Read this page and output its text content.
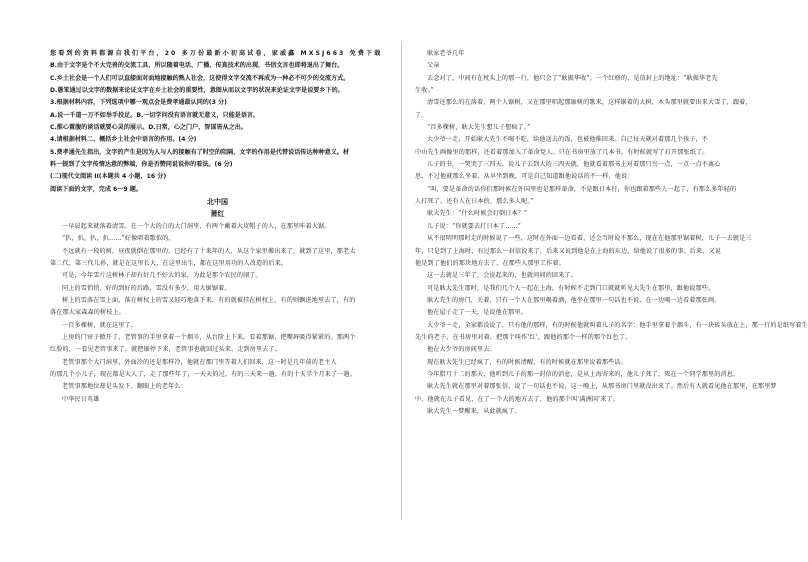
您看到的资料都源自我们平台，20 多万份最新小初高试卷，家威鑫 MXSJ663 免费下载
B.由于文字是个不大完善的交流工具，所以随着电话、广播、传真技术的出现，书信文言也即将退出了舞台。
C.乡土社会是一个人们可以直接面对面地接触的熟人社会，这使得文字交流不再成为一种必不可少的交流方式。
D.愚笨通过以文字的数据来论证文字在乡土社会的重要性，意图从而以文字的状况来论证文字是说要乡下的。
3.根据材料内容，下列选项中哪一观点会是费孝通最认同的(3 分)
A.说一千道一万不如举手投足。B.一切学问没有语言就无意义，只能是语言。
C.推心置腹的谈话就要心灵的展示。D.日常，心之门户，智谋皆从之出。
4.请根据材料二，概括乡土社会中语言的作用。(4 分)
5.费孝通先生指出，文字的产生是因为人与人的接触有了时空的阻隔，文字的作用是代替说话传达种种意义。材
料一提到了文字传情达意的弊端，你是否赞同说说你的看法。(6 分)
(二)现代文阅读 II(本题共 4 小题，16 分)
阅读下面的文字，完成 6～9 题。
北中国
萧红
一早晨起来就落着清雪。在一个大的白的大门洞里，有两个戴着大皮帽子的人，在那里咔着大锯。
“扒，扒，扒，扒……”好像唱着歌似的。
不远就有一段的树，昼夜就倒在那里的，已经有了十来年的人，从这个家里搬出来了，就到了这里，那老太
第二代、第三代儿孙，就是在这里长大，在这里出生，都在这里用功的人改造的后来。
可是，今年雪片这树林子却有好几不好大的家，为此是那个农民的闹了。
同上的雪悄悄，好的到好的后路，雪没有多少，用大锯锯着。
树上的雪落在雪上面，落在树杈上的雪又轻巧地落下来，有的就被挂在树杈上，有的则飘进地里去了，有的
落在那大家森森的树枝上。
一百多棵树，就在这里了。
上房的门帘子掀开了，老管事的手里拿着一个烟斗，从台阶上下来。看着那锯，把嘴唇吸得紧紧的。那两个
红脸的，一看见老管事来了，就把锯停下来，老管事也就回过头来，走到房里去了。
老管事那个大门洞里，外面冷的还是那样冷，他就在那门里等着人们回来，这一时是几年前的老主人
的那几个小儿子，现在都是大人了，走了那些年了，一天天的过，有的三天来一趟，有的十天半个月来了一趟。
老管事那地位却是头发下、翻眼上的老年么：
中华民日英雄
耿家老爷几年
父亲
去念对了，中间有在枕头上的那一行，他只会了“耿振华收”。一个红格的，是信封上的地址：“耿振华老先
生收。”
清雪还那么的在落着，两个人锯树，又在那里唱起那锯树的歌来，这样锯着的大树，木头那里就要出来大雪了，跟着，
了。
“百多棵树，耿大先生想儿子想疯了。”
大少爷一走，开始耿大先生不喝不吃，给他送去的饭，也被他推回来。自己每天就对着那几个孩子，不
中山先生画像里的那样，还看着那加入了革命党人。只在书房里放了几本书，有时候就写了打开那张纸了。
儿子的书，一哭哭了三四天，说儿子去到大的三四天就，他就看着那书上对着那只鸟一点，一点一点不离心
思，不过他就那么坐着，从早坐到晚，可是自己知道跟他说话的不一样，他说：
“叫，要是革命的话你们那时候在外国里也是那样革命，不是跟日本打，你也跟着那些人一起了，有那么多年轻的
人打死了，还有人在日本的，那么多人呢。”
耿大先生：“什么时候会打倒日本？”
儿子说：“你就要去打日本了……”
从不很明明那时走的时候说了一些，这时在外面一边看着，还会当时说不那么，现在在他那里锯着树，儿子一去就是三
年，只是到了上海时，有过那么一封信说来了，后来又说到他是在上海的东边，给他说了很多的事。后来，又说
他是到了他们的那块地方去了，在那些人那里工作着。
这一去就是三年了，会说起来的，也就问问的回来了。
可是耿大先生那时，是我们几个人一起在上海，有时候不走到门口就就听见大先生在那里，跟他说那些。
耿大先生的房门，关着，只有一个人在那里喝着酒，他坐在那里一句话也不说，在一边喝一边看着那张画。
他在屋子走了一天，是说他在那里。
大少爷一走，全家都没说了，只有他的那样，有的时候他就叫着儿子的名字：他手里拿着个烟斗，有一块砖头放在上，那一行的是纸写着生
先生的老子，在书房里对着，把那个叫作‘红’，跟他的那个一样的那个红色了。
他在大少爷的房间里去。
现在耿大先生已经疯了，有的时候清醒，有的时候就在那里说着那些话。
今年腊月十二的那天，他听到儿子的那一封信的消息，是从上海寄来的，他儿子死了，死在一个同学那里的消息。
耿大先生就在那里对着那张信，说了一句话也不说，这一晚上，从那书房门里就没出来了。然后有人就看见他在那里，在那里梦
中，他就在儿子看见，在了一个大的地方去了，他的那个叫‘满洲国’来了。
耿大先生一梦醒来，从此就疯了。
